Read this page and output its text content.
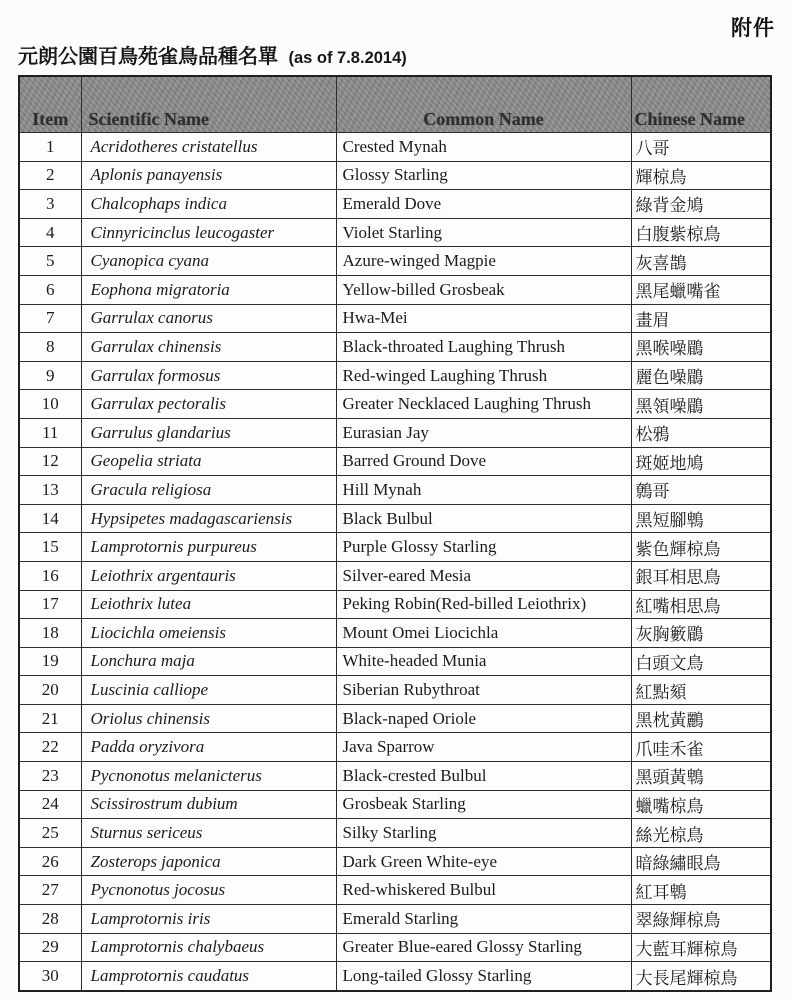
附件
元朗公園百鳥苑雀鳥品種名單 (as of 7.8.2014)
Item	Scientific Name	Common Name	Chinese Name
1	Acridotheres cristatellus	Crested Mynah	八哥
2	Aplonis panayensis	Glossy Starling	輝椋鳥
3	Chalcophaps indica	Emerald Dove	綠背金鳩
4	Cinnyricinclus leucogaster	Violet Starling	白腹紫椋鳥
5	Cyanopica cyana	Azure-winged Magpie	灰喜鵲
6	Eophona migratoria	Yellow-billed Grosbeak	黑尾蠟嘴雀
7	Garrulax canorus	Hwa-Mei	畫眉
8	Garrulax chinensis	Black-throated Laughing Thrush	黑喉噪鶥
9	Garrulax formosus	Red-winged Laughing Thrush	麗色噪鶥
10	Garrulax pectoralis	Greater Necklaced Laughing Thrush	黑領噪鶥
11	Garrulus glandarius	Eurasian Jay	松鴉
12	Geopelia striata	Barred Ground Dove	斑姬地鳩
13	Gracula religiosa	Hill Mynah	鷯哥
14	Hypsipetes madagascariensis	Black Bulbul	黑短腳鵯
15	Lamprotornis purpureus	Purple Glossy Starling	紫色輝椋鳥
16	Leiothrix argentauris	Silver-eared Mesia	銀耳相思鳥
17	Leiothrix lutea	Peking Robin(Red-billed Leiothrix)	紅嘴相思鳥
18	Liocichla omeiensis	Mount Omei Liocichla	灰胸籔鶥
19	Lonchura maja	White-headed Munia	白頭文鳥
20	Luscinia calliope	Siberian Rubythroat	紅點頦
21	Oriolus chinensis	Black-naped Oriole	黑枕黃鸝
22	Padda oryzivora	Java Sparrow	爪哇禾雀
23	Pycnonotus melanicterus	Black-crested Bulbul	黑頭黃鵯
24	Scissirostrum dubium	Grosbeak Starling	蠟嘴椋鳥
25	Sturnus sericeus	Silky Starling	絲光椋鳥
26	Zosterops japonica	Dark Green White-eye	暗綠繡眼鳥
27	Pycnonotus jocosus	Red-whiskered Bulbul	紅耳鵯
28	Lamprotornis iris	Emerald Starling	翠綠輝椋鳥
29	Lamprotornis chalybaeus	Greater Blue-eared Glossy Starling	大藍耳輝椋鳥
30	Lamprotornis caudatus	Long-tailed Glossy Starling	大長尾輝椋鳥
